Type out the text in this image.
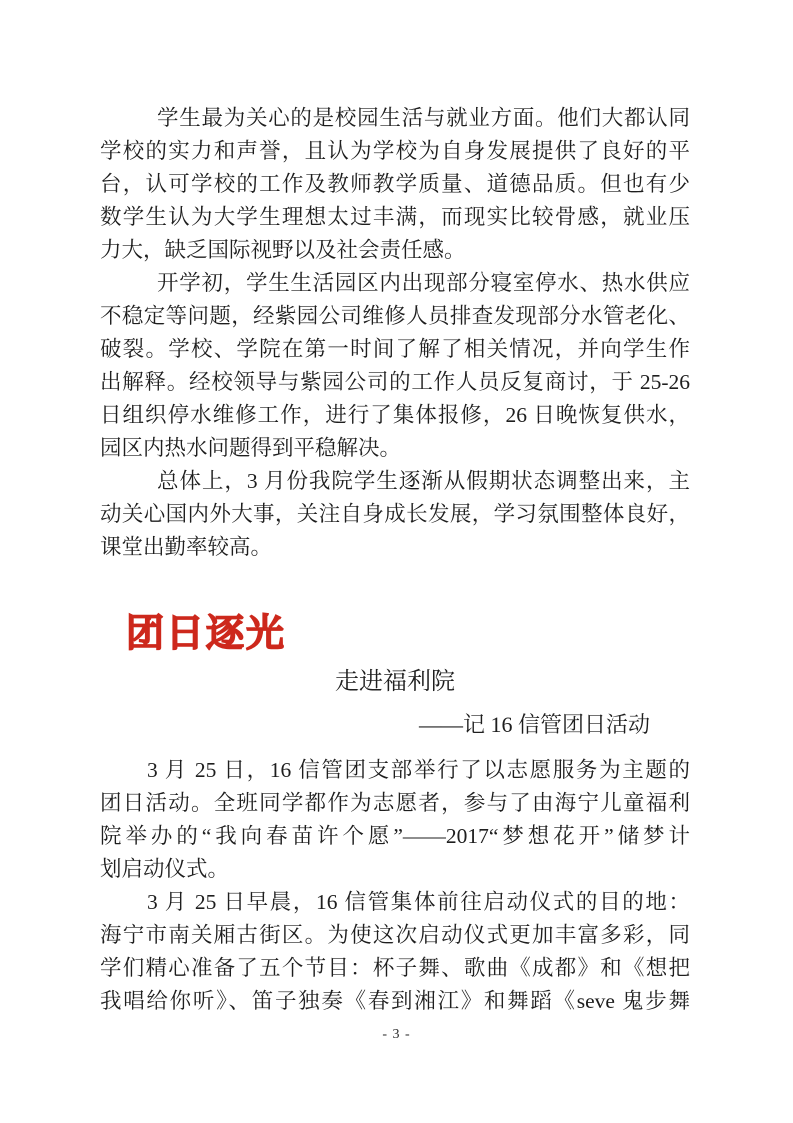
学生最为关心的是校园生活与就业方面。他们大都认同
学校的实力和声誉，且认为学校为自身发展提供了良好的平
台，认可学校的工作及教师教学质量、道德品质。但也有少
数学生认为大学生理想太过丰满，而现实比较骨感，就业压
力大，缺乏国际视野以及社会责任感。
开学初，学生生活园区内出现部分寝室停水、热水供应
不稳定等问题，经紫园公司维修人员排查发现部分水管老化、
破裂。学校、学院在第一时间了解了相关情况，并向学生作
出解释。经校领导与紫园公司的工作人员反复商讨，于 25-26
日组织停水维修工作，进行了集体报修，26 日晚恢复供水，
园区内热水问题得到平稳解决。
总体上，3 月份我院学生逐渐从假期状态调整出来，主
动关心国内外大事，关注自身成长发展，学习氛围整体良好，
课堂出勤率较高。
团日逐光
走进福利院
——记 16 信管团日活动
3 月 25 日，16 信管团支部举行了以志愿服务为主题的
团日活动。全班同学都作为志愿者，参与了由海宁儿童福利
院举办的“我向春苗许个愿”——2017“梦想花开”储梦计
划启动仪式。
3 月 25 日早晨，16 信管集体前往启动仪式的目的地：
海宁市南关厢古街区。为使这次启动仪式更加丰富多彩，同
学们精心准备了五个节目：杯子舞、歌曲《成都》和《想把
我唱给你听》、笛子独奏《春到湘江》和舞蹈《seve 鬼步舞
- 3 -
